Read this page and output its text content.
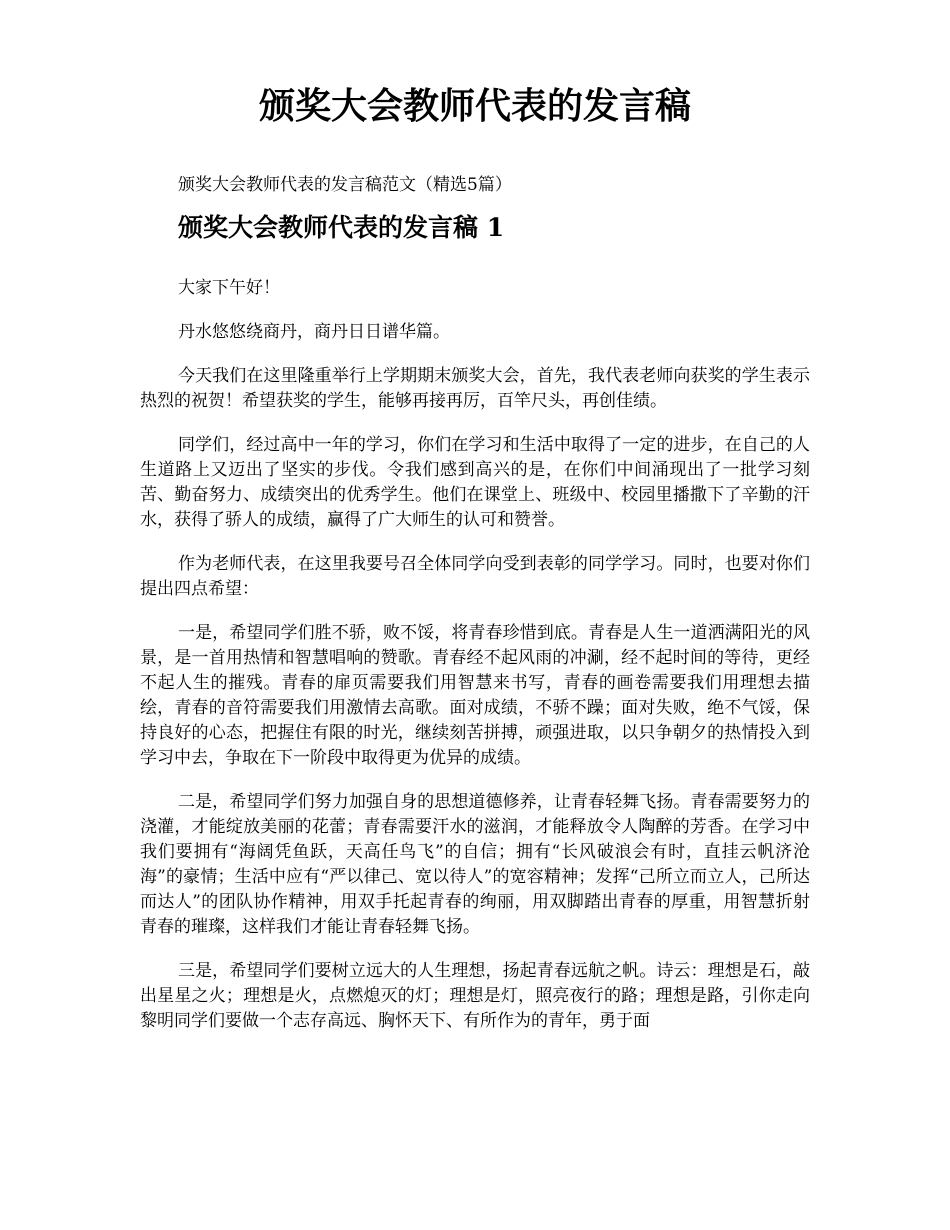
颁奖大会教师代表的发言稿

颁奖大会教师代表的发言稿范文（精选5篇）

颁奖大会教师代表的发言稿 1

大家下午好！

丹水悠悠绕商丹，商丹日日谱华篇。

今天我们在这里隆重举行上学期期末颁奖大会，首先，我代表老师向获奖的学生表示热烈的祝贺！希望获奖的学生，能够再接再厉，百竿尺头，再创佳绩。

同学们，经过高中一年的学习，你们在学习和生活中取得了一定的进步，在自己的人生道路上又迈出了坚实的步伐。令我们感到高兴的是，在你们中间涌现出了一批学习刻苦、勤奋努力、成绩突出的优秀学生。他们在课堂上、班级中、校园里播撒下了辛勤的汗水，获得了骄人的成绩，赢得了广大师生的认可和赞誉。

作为老师代表，在这里我要号召全体同学向受到表彰的同学学习。同时，也要对你们提出四点希望：

一是，希望同学们胜不骄，败不馁，将青春珍惜到底。青春是人生一道洒满阳光的风景，是一首用热情和智慧唱响的赞歌。青春经不起风雨的冲涮，经不起时间的等待，更经不起人生的摧残。青春的扉页需要我们用智慧来书写，青春的画卷需要我们用理想去描绘，青春的音符需要我们用激情去高歌。面对成绩，不骄不躁；面对失败，绝不气馁，保持良好的心态，把握住有限的时光，继续刻苦拼搏，顽强进取，以只争朝夕的热情投入到学习中去，争取在下一阶段中取得更为优异的成绩。

二是，希望同学们努力加强自身的思想道德修养，让青春轻舞飞扬。青春需要努力的浇灌，才能绽放美丽的花蕾；青春需要汗水的滋润，才能释放令人陶醉的芳香。在学习中我们要拥有“海阔凭鱼跃，天高任鸟飞”的自信；拥有“长风破浪会有时，直挂云帆济沧海”的豪情；生活中应有“严以律己、宽以待人”的宽容精神；发挥“己所立而立人，己所达而达人”的团队协作精神，用双手托起青春的绚丽，用双脚踏出青春的厚重，用智慧折射青春的璀璨，这样我们才能让青春轻舞飞扬。

三是，希望同学们要树立远大的人生理想，扬起青春远航之帆。诗云：理想是石，敲出星星之火；理想是火，点燃熄灭的灯；理想是灯，照亮夜行的路；理想是路，引你走向黎明同学们要做一个志存高远、胸怀天下、有所作为的青年，勇于面
